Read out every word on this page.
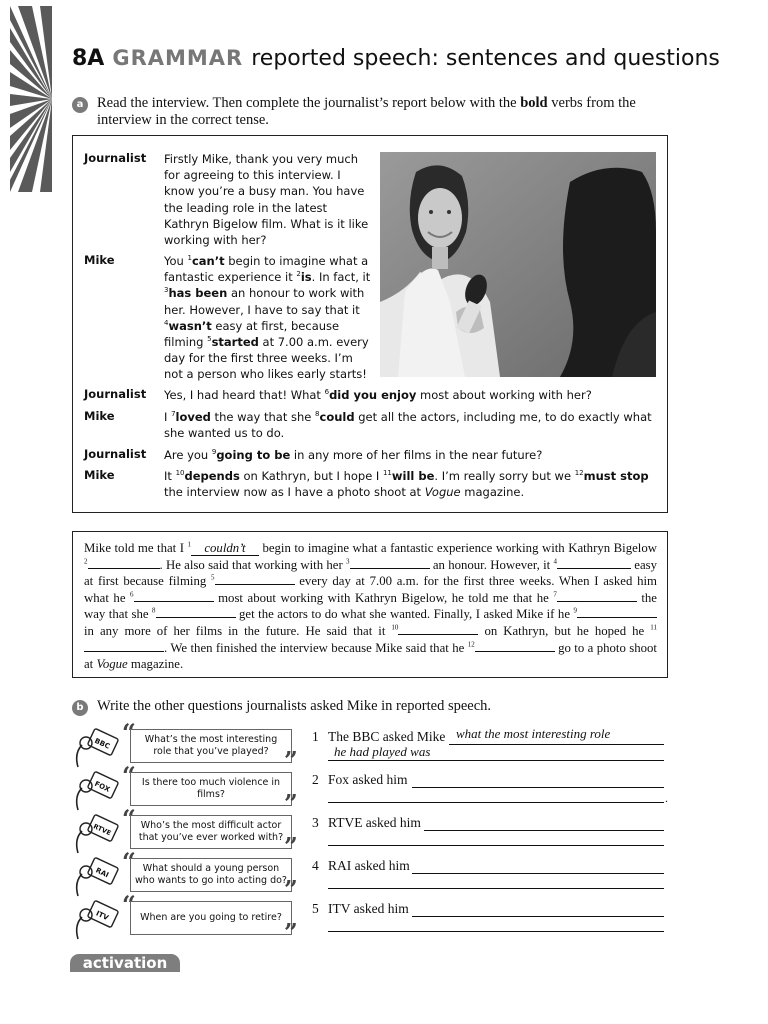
8A GRAMMAR reported speech: sentences and questions
a Read the interview. Then complete the journalist’s report below with the bold verbs from the interview in the correct tense.
Journalist Firstly Mike, thank you very much for agreeing to this interview. I know you’re a busy man. You have the leading role in the latest Kathryn Bigelow film. What is it like working with her?
Mike	You $^1$can’t begin to imagine what a fantastic experience it $^2$is. In fact, it $^3$has been an honour to work with her. However, I have to say that it $^4$wasn’t easy at first, because filming $^5$started at 7.00 a.m. every day for the first three weeks. I’m not a person who likes early starts!
Journalist Yes, I had heard that! What $^6$did you enjoy most about working with her?
Mike	I $^7$loved the way that she $^8$could get all the actors, including me, to do exactly what she wanted us to do.
Journalist Are you $^9$going to be in any more of her films in the near future?
Mike	It $^{10}$depends on Kathryn, but I hope I $^{11}$will be. I’m really sorry but we $^{12}$must stop the interview now as I have a photo shoot at Vogue magazine.
Mike told me that I $^1$ couldn’t begin to imagine what a fantastic experience working with Kathryn Bigelow $^2$	. He also said that working with her $^3$	an honour. However, it $^4$	easy at first because filming $^5$	every day at 7.00 a.m. for the first three weeks. When I asked him what he $^6$	most about working with Kathryn Bigelow, he told me that he $^7$	the way that she $^8$	get the actors to do what she wanted. Finally, I asked Mike if he $^9$ in any more of her films in the future. He said that it $^{10}$	on Kathryn, but he hoped he $^{11}$. We then finished the interview because Mike said that he $^{12}$	go to a photo shoot at Vogue magazine.
b Write the other questions journalists asked Mike in reported speech.
BBC “ What’s the most interesting role that you’ve played? ”
1 The BBC asked Mike what the most interesting role
he had played was
FOX “ Is there too much violence in films?	”
2 Fox asked him
.
RTVE “ Who’s the most difficult actor that you’ve ever worked with? ”
3 RTVE asked him
RAI “ What should a young person who wants to go into acting do?
”
4 RAI asked him
ITV “ When are you going to retire?
”
5 ITV asked him
activation
